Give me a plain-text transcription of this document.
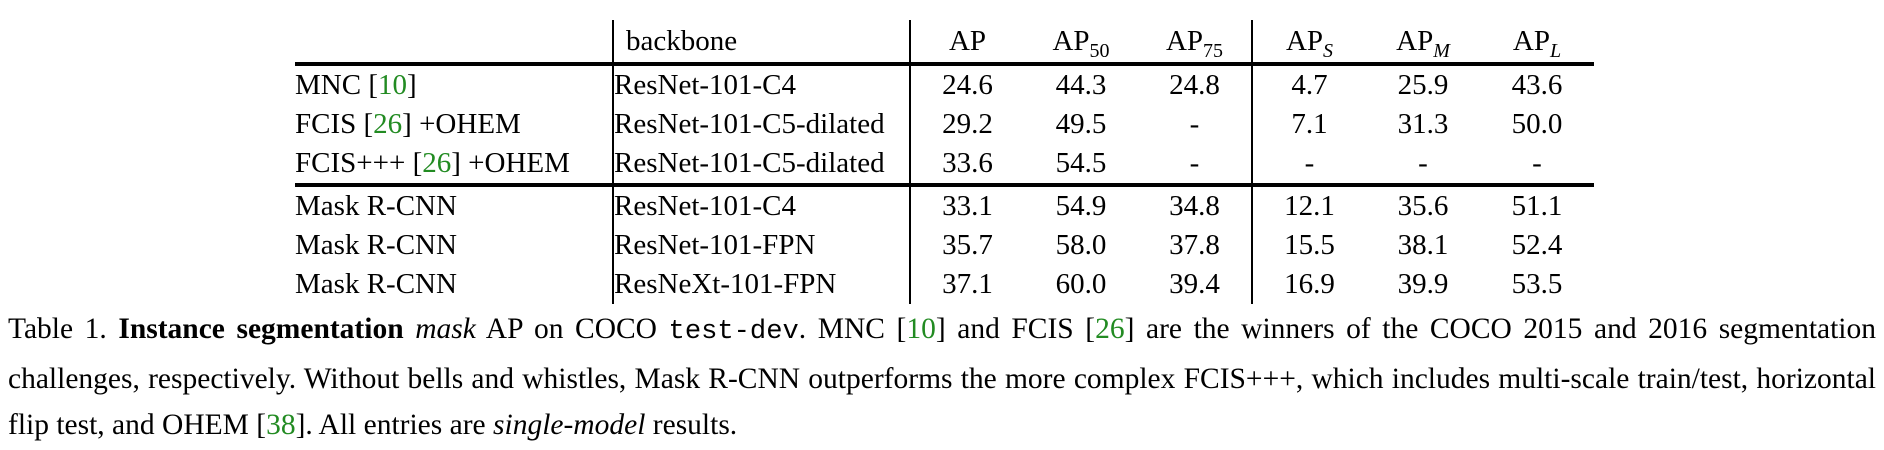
	backbone	AP	$AP_{50}$	$AP_{75}$	$AP_S$	$AP_M$	$AP_L$
MNC [10]	ResNet-101-C4	24.6	44.3	24.8	4.7	25.9	43.6
FCIS [26] +OHEM	ResNet-101-C5-dilated	29.2	49.5	-	7.1	31.3	50.0
FCIS+++ [26] +OHEM	ResNet-101-C5-dilated	33.6	54.5	-	-	-	-
Mask R-CNN	ResNet-101-C4	33.1	54.9	34.8	12.1	35.6	51.1
Mask R-CNN	ResNet-101-FPN	35.7	58.0	37.8	15.5	38.1	52.4
Mask R-CNN	ResNeXt-101-FPN	37.1	60.0	39.4	16.9	39.9	53.5

Table 1. Instance segmentation mask AP on COCO test-dev. MNC [10] and FCIS [26] are the winners of the COCO 2015 and 2016 segmentation challenges, respectively. Without bells and whistles, Mask R-CNN outperforms the more complex FCIS+++, which includes multi-scale train/test, horizontal flip test, and OHEM [38]. All entries are single-model results.
